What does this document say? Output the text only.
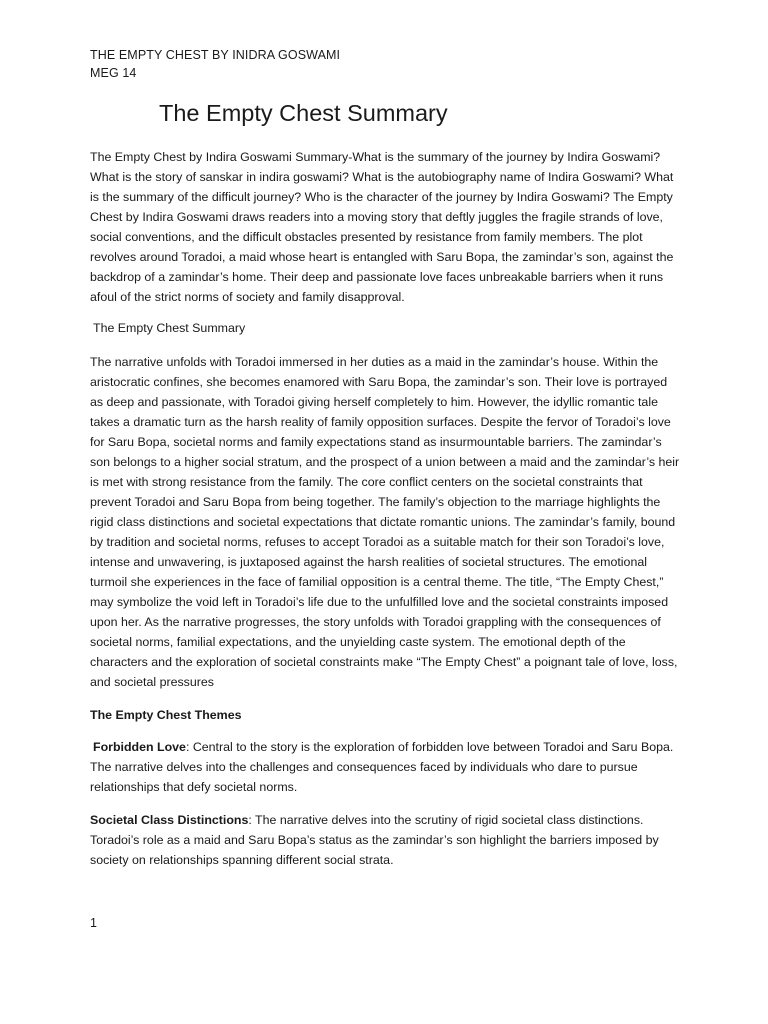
THE EMPTY CHEST BY INIDRA GOSWAMI
MEG 14
The Empty Chest Summary

The Empty Chest by Indira Goswami Summary-What is the summary of the journey by Indira Goswami? What is the story of sanskar in indira goswami? What is the autobiography name of Indira Goswami? What is the summary of the difficult journey? Who is the character of the journey by Indira Goswami? The Empty Chest by Indira Goswami draws readers into a moving story that deftly juggles the fragile strands of love, social conventions, and the difficult obstacles presented by resistance from family members. The plot revolves around Toradoi, a maid whose heart is entangled with Saru Bopa, the zamindar’s son, against the backdrop of a zamindar’s home. Their deep and passionate love faces unbreakable barriers when it runs afoul of the strict norms of society and family disapproval.

The Empty Chest Summary

The narrative unfolds with Toradoi immersed in her duties as a maid in the zamindar’s house. Within the aristocratic confines, she becomes enamored with Saru Bopa, the zamindar’s son. Their love is portrayed as deep and passionate, with Toradoi giving herself completely to him. However, the idyllic romantic tale takes a dramatic turn as the harsh reality of family opposition surfaces. Despite the fervor of Toradoi’s love for Saru Bopa, societal norms and family expectations stand as insurmountable barriers. The zamindar’s son belongs to a higher social stratum, and the prospect of a union between a maid and the zamindar’s heir is met with strong resistance from the family. The core conflict centers on the societal constraints that prevent Toradoi and Saru Bopa from being together. The family’s objection to the marriage highlights the rigid class distinctions and societal expectations that dictate romantic unions. The zamindar’s family, bound by tradition and societal norms, refuses to accept Toradoi as a suitable match for their son Toradoi’s love, intense and unwavering, is juxtaposed against the harsh realities of societal structures. The emotional turmoil she experiences in the face of familial opposition is a central theme. The title, “The Empty Chest,” may symbolize the void left in Toradoi’s life due to the unfulfilled love and the societal constraints imposed upon her. As the narrative progresses, the story unfolds with Toradoi grappling with the consequences of societal norms, familial expectations, and the unyielding caste system. The emotional depth of the characters and the exploration of societal constraints make “The Empty Chest” a poignant tale of love, loss, and societal pressures

The Empty Chest Themes

Forbidden Love: Central to the story is the exploration of forbidden love between Toradoi and Saru Bopa. The narrative delves into the challenges and consequences faced by individuals who dare to pursue relationships that defy societal norms.

Societal Class Distinctions: The narrative delves into the scrutiny of rigid societal class distinctions. Toradoi’s role as a maid and Saru Bopa’s status as the zamindar’s son highlight the barriers imposed by society on relationships spanning different social strata.

1
